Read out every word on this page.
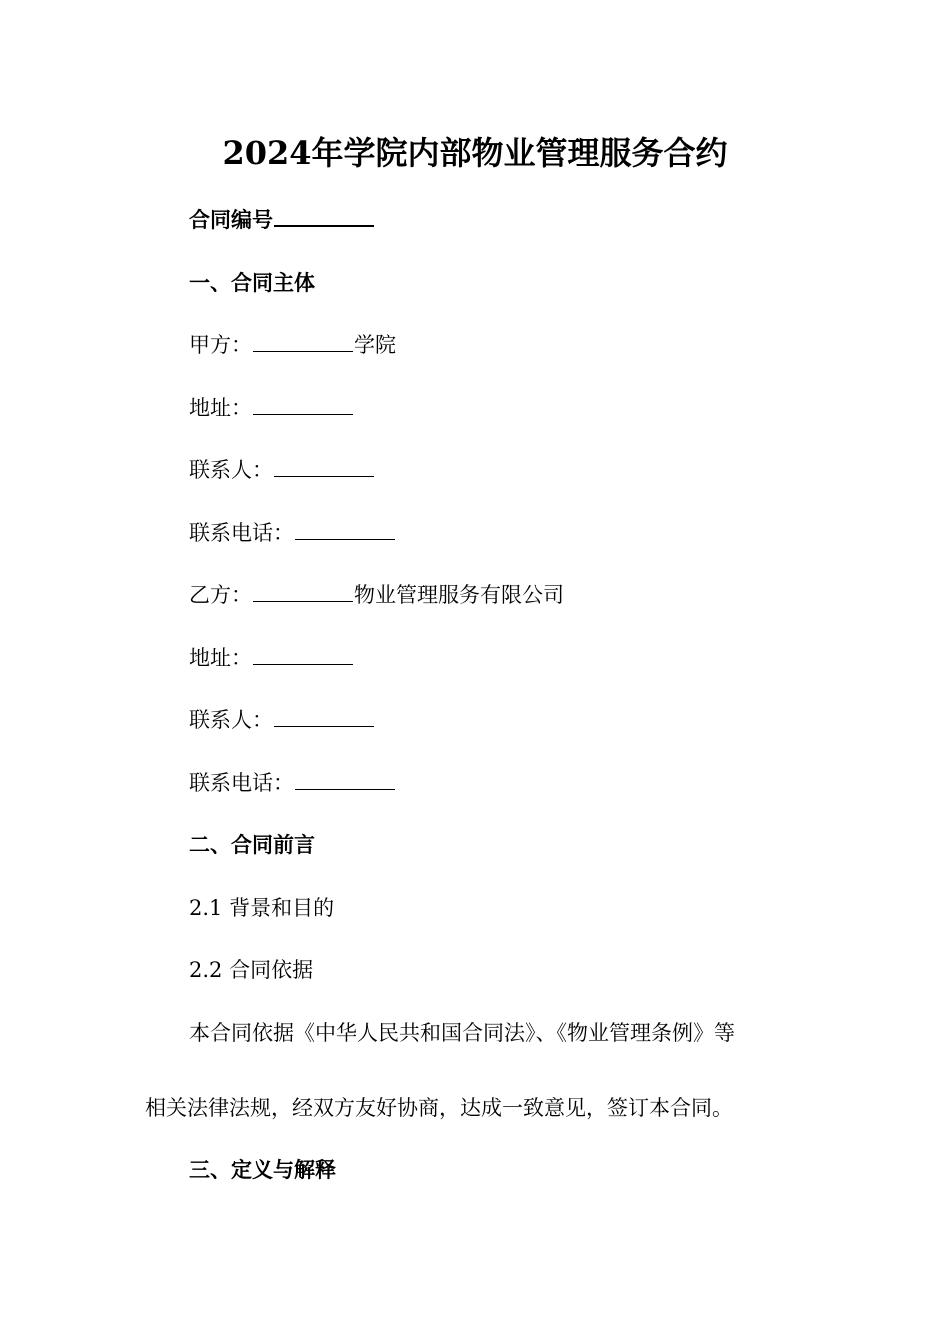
2024年学院内部物业管理服务合约
合同编号
一、合同主体
甲方：	学院
地址：
联系人：
联系电话：
乙方：	物业管理服务有限公司
地址：
联系人：
联系电话：
二、合同前言
2.1 背景和目的
2.2 合同依据
本合同依据《中华人民共和国合同法》、《物业管理条例》等
相关法律法规，经双方友好协商，达成一致意见，签订本合同。
三、定义与解释
